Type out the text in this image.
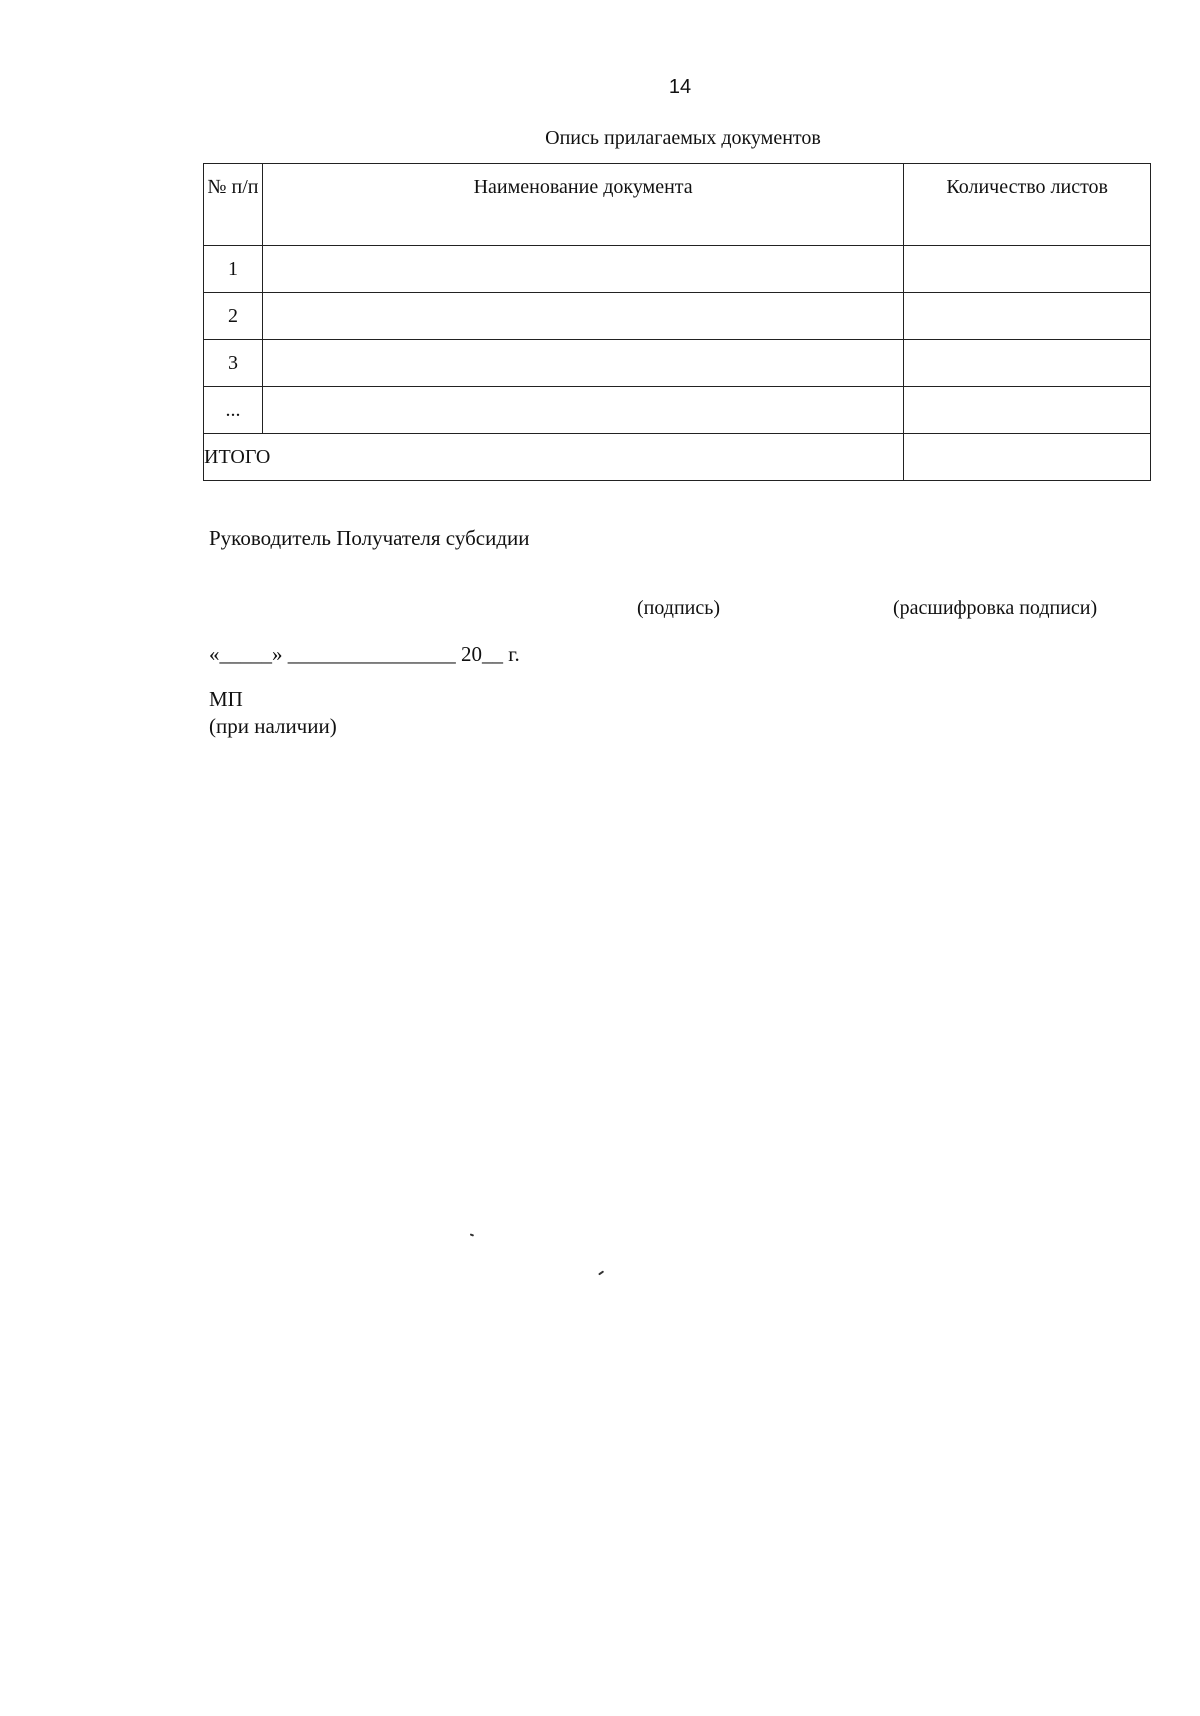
14
Опись прилагаемых документов
№ п/п	Наименование документа	Количество листов
1		
2		
3		
...		
ИТОГО		
Руководитель Получателя субсидии
(подпись)	(расшифровка подписи)
«_____» ________________ 20__ г.
МП
(при наличии)
